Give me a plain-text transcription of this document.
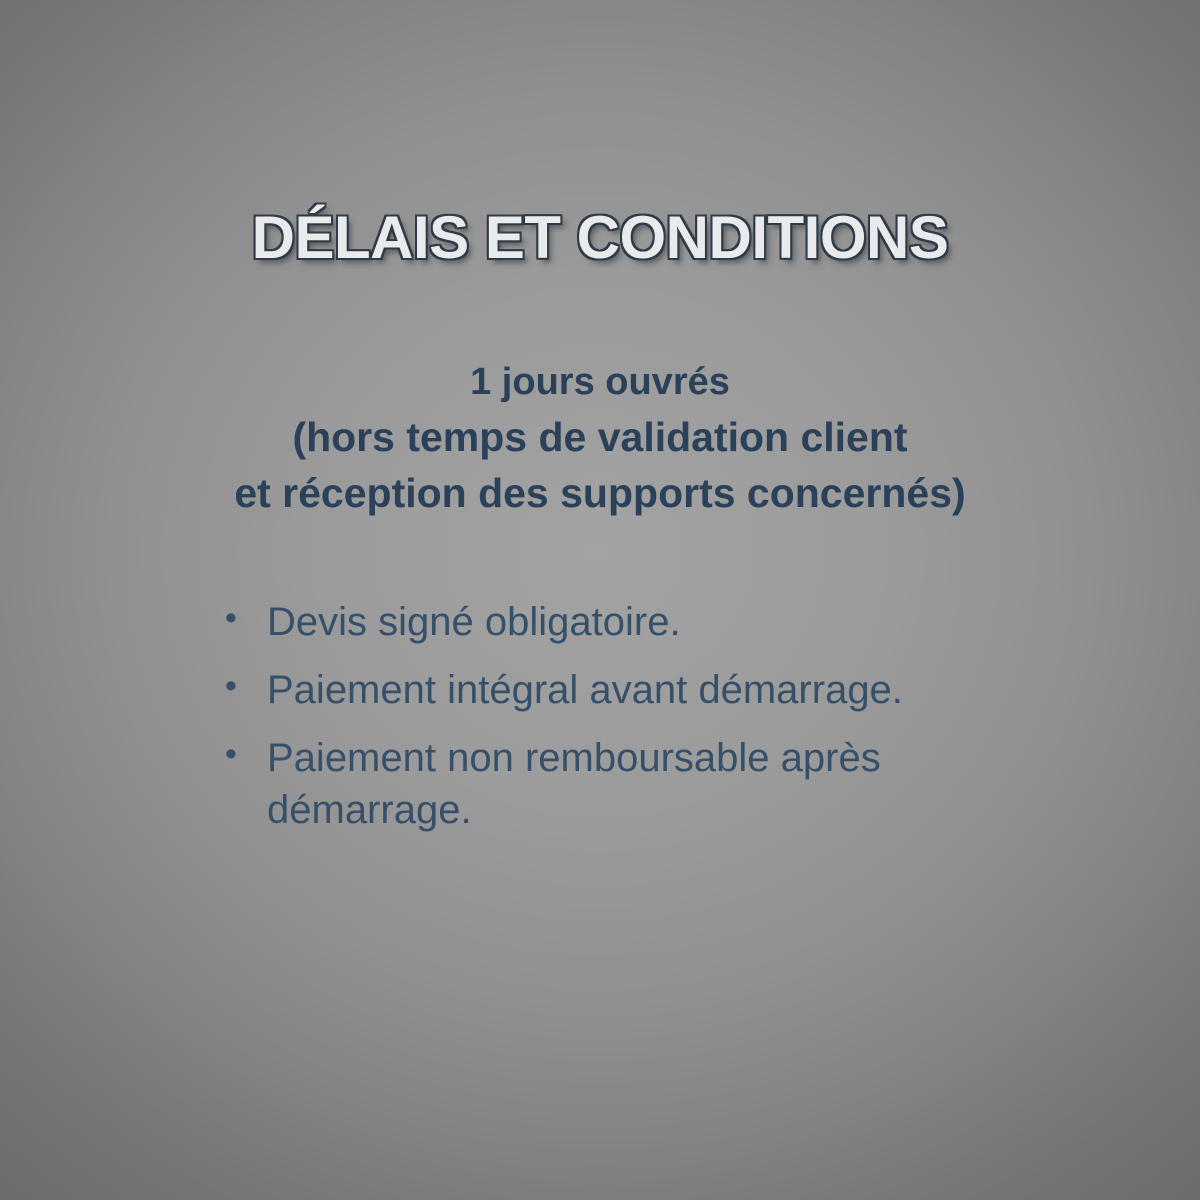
DÉLAIS ET CONDITIONS
1 jours ouvrés
(hors temps de validation client
et réception des supports concernés)
• Devis signé obligatoire.
• Paiement intégral avant démarrage.
• Paiement non remboursable après démarrage.
